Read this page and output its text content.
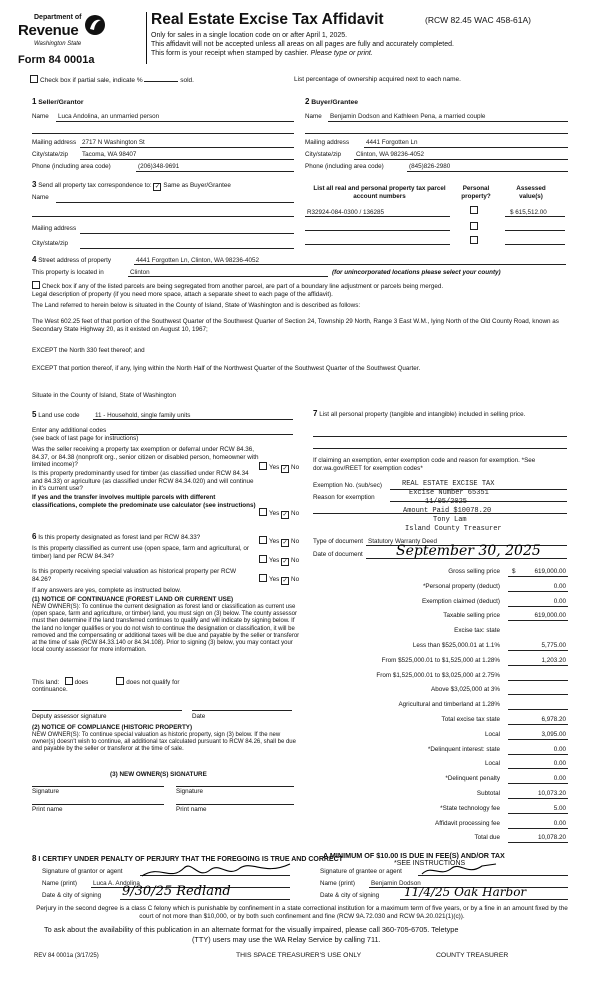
Department of
Revenue
Washington State
Form 84 0001a
Real Estate Excise Tax Affidavit	(RCW 82.45 WAC 458-61A)
Only for sales in a single location code on or after April 1, 2025.
This affidavit will not be accepted unless all areas on all pages are fully and accurately completed.
This form is your receipt when stamped by cashier. Please type or print.
Check box if partial sale, indicate %	sold.	List percentage of ownership acquired next to each name.
1 Seller/Grantor
Name Luca Andolina, an unmarried person
Mailing address 2717 N Washington St
City/state/zip Tacoma, WA 98407
Phone (including area code)	(206)348-9691
2 Buyer/Grantee
Name Benjamin Dodson and Kathleen Pena, a married couple
Mailing address	4441 Forgotten Ln
City/state/zip Clinton, WA 98236-4052
Phone (including area code)	(845)826-2980
3 Send all property tax correspondence to: ✓ Same as Buyer/Grantee
Name
Mailing address
City/state/zip
List all real and personal property tax parcel account numbers
Personal property?
Assessed value(s)
R32924-084-0300 / 136285	$ 615,512.00
4 Street address of property	4441 Forgotten Ln, Clinton, WA 98236-4052
This property is located in	Clinton	(for unincorporated locations please select your county)
Check box if any of the listed parcels are being segregated from another parcel, are part of a boundary line adjustment or parcels being merged.
Legal description of property (if you need more space, attach a separate sheet to each page of the affidavit).
The Land referred to herein below is situated in the County of Island, State of Washington and is described as follows:
The West 602.25 feet of that portion of the Southwest Quarter of the Southwest Quarter of Section 24, Township 29 North, Range 3 East W.M., lying North of the Old County Road, known as Secondary State Highway 20, as it existed on August 10, 1967;
EXCEPT the North 330 feet thereof; and
EXCEPT that portion thereof, if any, lying within the North Half of the Northwest Quarter of the Southwest Quarter of the Southwest Quarter.
Situate in the County of Island, State of Washington
5 Land use code 11 - Household, single family units
Enter any additional codes
(see back of last page for instructions)
Was the seller receiving a property tax exemption or deferral under RCW 84.36, 84.37, or 84.38 (nonprofit org., senior citizen or disabled person, homeowner with limited income)?	Yes ✓ No
Is this property predominantly used for timber (as classified under RCW 84.34 and 84.33) or agriculture (as classified under RCW 84.34.020) and will continue in it's current use?
If yes and the transfer involves multiple parcels with different classifications, complete the predominate use calculator (see instructions)
Yes ✓ No
6 Is this property designated as forest land per RCW 84.33?
Yes ✓ No
Is this property classified as current use (open space, farm and agricultural, or timber) land per RCW 84.34?
Yes ✓ No
Is this property receiving special valuation as historical property per RCW 84.26?	Yes ✓ No
If any answers are yes, complete as instructed below.
(1) NOTICE OF CONTINUANCE (FOREST LAND OR CURRENT USE)
NEW OWNER(S): To continue the current designation as forest land or classification as current use (open space, farm and agriculture, or timber) land, you must sign on (3) below. The county assessor must then determine if the land transferred continues to qualify and will indicate by signing below. If the land no longer qualifies or you do not wish to continue the designation or classification, it will be removed and the compensating or additional taxes will be due and payable by the seller or transferor at the time of sale (RCW 84.33.140 or 84.34.108). Prior to signing (3) below, you may contact your local county assessor for more information.
This land: does	does not qualify for
continuance.
Deputy assessor signature	Date
(2) NOTICE OF COMPLIANCE (HISTORIC PROPERTY)
NEW OWNER(S): To continue special valuation as historic property, sign (3) below. If the new owner(s) doesn't wish to continue, all additional tax calculated pursuant to RCW 84.26, shall be due and payable by the seller or transferor at the time of sale.
(3) NEW OWNER(S) SIGNATURE
Signature	Signature
Print name	Print name
7 List all personal property (tangible and intangible) included in selling price.
If claiming an exemption, enter exemption code and reason for exemption. *See dor.wa.gov/REET for exemption codes*
Exemption No. (sub/sec)
Reason for exemption
REAL ESTATE EXCISE TAX
Excise Number 65351
11/05/2025
Amount Paid $10078.20
Tony Lam
Island County Treasurer
Type of document Statutory Warranty Deed
Date of document September 30, 2025
Gross selling price $	619,000.00
*Personal property (deduct)	0.00
Exemption claimed (deduct)	0.00
Taxable selling price	619,000.00
Excise tax: state
Less than $525,000.01 at 1.1%	5,775.00
From $525,000.01 to $1,525,000 at 1.28%	1,203.20
From $1,525,000.01 to $3,025,000 at 2.75%
Above $3,025,000 at 3%
Agricultural and timberland at 1.28%
Total excise tax state	6,978.20
Local	3,095.00
*Delinquent interest: state	0.00
Local	0.00
*Delinquent penalty	0.00
Subtotal	10,073.20
*State technology fee	5.00
Affidavit processing fee	0.00
Total due	10,078.20
A MINIMUM OF $10.00 IS DUE IN FEE(S) AND/OR TAX
*SEE INSTRUCTIONS
8 I CERTIFY UNDER PENALTY OF PERJURY THAT THE FOREGOING IS TRUE AND CORRECT
Signature of grantor or agent
Name (print)	Luca A. Andolina
Date & city of signing 9/30/25 Redland
Signature of grantee or agent
Name (print)	Benjamin Dodson
Date & city of signing 11/4/25 Oak Harbor
Perjury in the second degree is a class C felony which is punishable by confinement in a state correctional institution for a maximum term of five years, or by a fine in an amount fixed by the court of not more than $10,000, or by both such confinement and fine (RCW 9A.72.030 and RCW 9A.20.021(1)(c)).
To ask about the availability of this publication in an alternate format for the visually impaired, please call 360-705-6705. Teletype
(TTY) users may use the WA Relay Service by calling 711.
REV 84 0001a (3/17/25)	THIS SPACE TREASURER'S USE ONLY	COUNTY TREASURER
